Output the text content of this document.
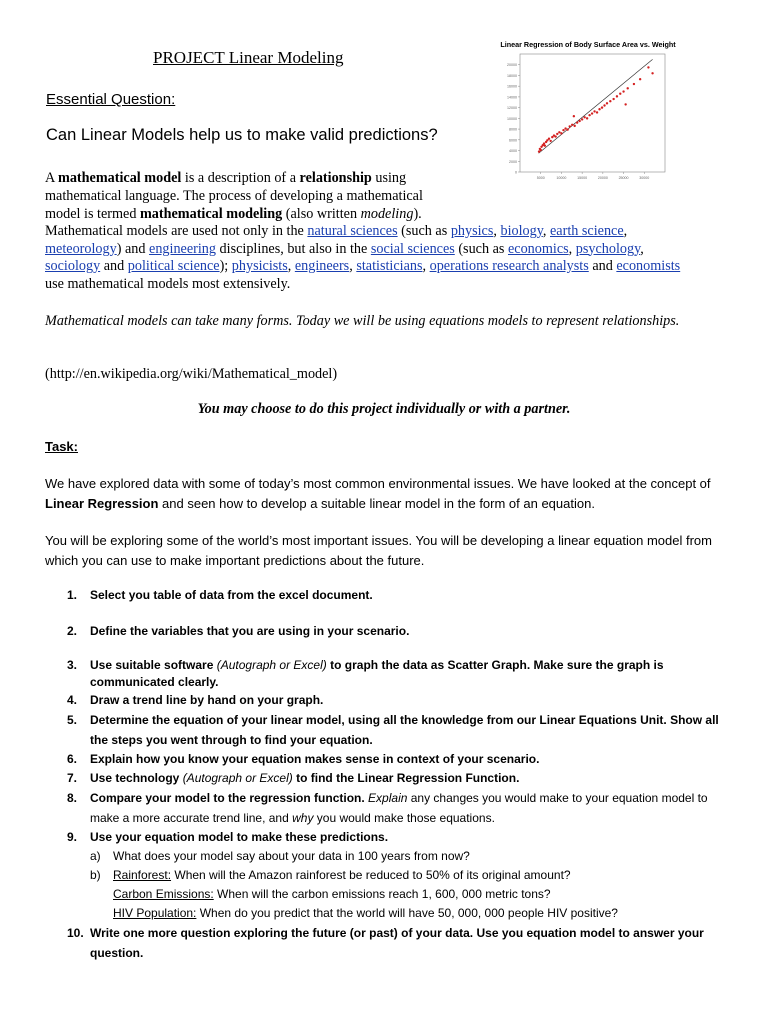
PROJECT Linear Modeling
Essential Question:
Can Linear Models help us to make valid predictions?
A mathematical model is a description of a relationship using mathematical language. The process of developing a mathematical model is termed mathematical modeling (also written modeling).
Mathematical models are used not only in the natural sciences (such as physics, biology, earth science,
meteorology) and engineering disciplines, but also in the social sciences (such as economics, psychology,
sociology and political science); physicists, engineers, statisticians, operations research analysts and economists
use mathematical models most extensively.
Mathematical models can take many forms. Today we will be using equations models to represent relationships.
(http://en.wikipedia.org/wiki/Mathematical_model)
You may choose to do this project individually or with a partner.
Task:
We have explored data with some of today’s most common environmental issues. We have looked at the concept of Linear Regression and seen how to develop a suitable linear model in the form of an equation.
You will be exploring some of the world’s most important issues. You will be developing a linear equation model from which you can use to make important predictions about the future.
1. Select you table of data from the excel document.
2. Define the variables that you are using in your scenario.
3. Use suitable software (Autograph or Excel) to graph the data as Scatter Graph. Make sure the graph is communicated clearly.
4. Draw a trend line by hand on your graph.
5. Determine the equation of your linear model, using all the knowledge from our Linear Equations Unit. Show all the steps you went through to find your equation.
6. Explain how you know your equation makes sense in context of your scenario.
7. Use technology (Autograph or Excel) to find the Linear Regression Function.
8. Compare your model to the regression function. Explain any changes you would make to your equation model to make a more accurate trend line, and why you would make those equations.
9. Use your equation model to make these predictions.
a) What does your model say about your data in 100 years from now?
b) Rainforest: When will the Amazon rainforest be reduced to 50% of its original amount?
Carbon Emissions: When will the carbon emissions reach 1, 600, 000 metric tons?
HIV Population: When do you predict that the world will have 50, 000, 000 people HIV positive?
10. Write one more question exploring the future (or past) of your data. Use you equation model to answer your question.
Linear Regression of Body Surface Area vs. Weight
0
2000
4000
6000
8000
10000
12000
14000
16000
18000
20000
5000	10000	15000	20000	25000	30000
